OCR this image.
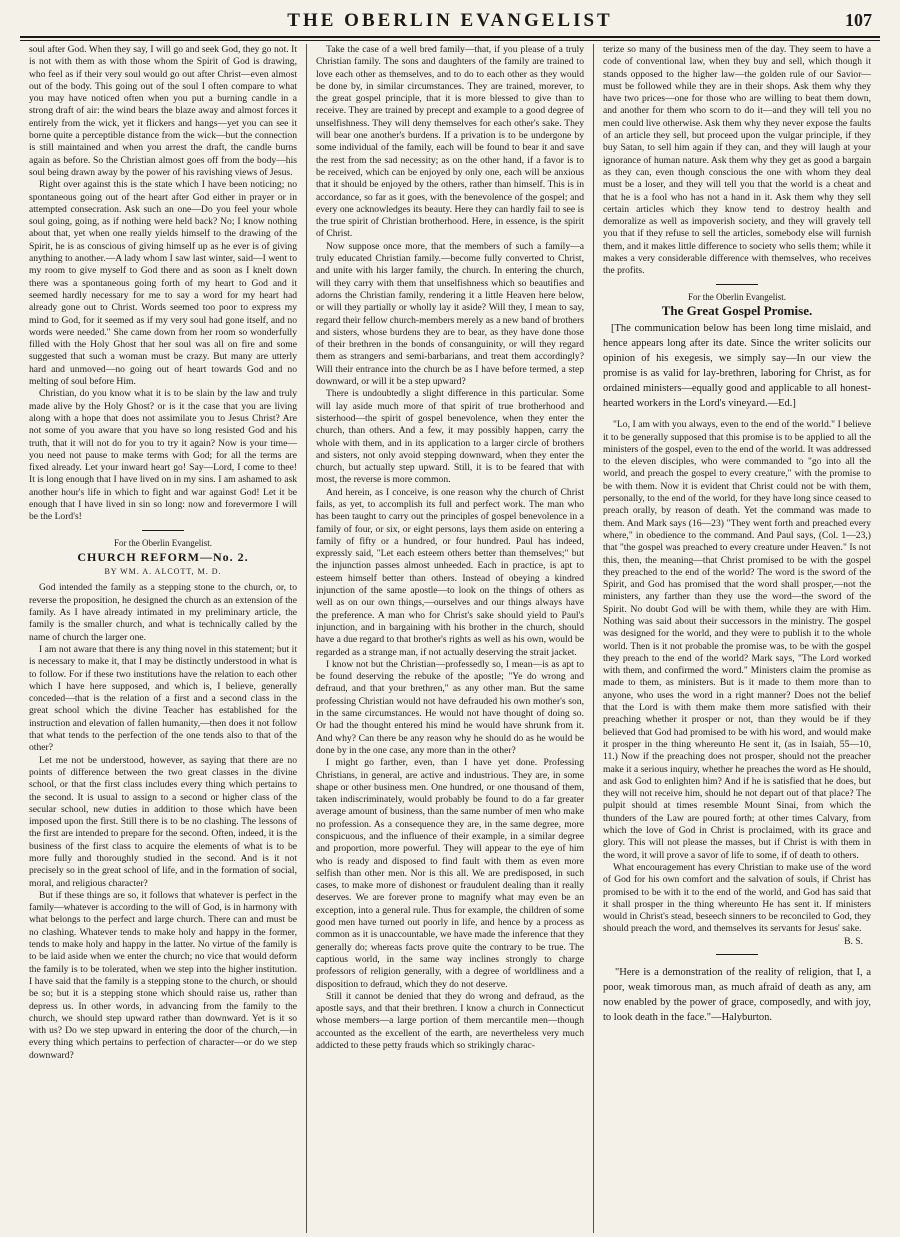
THE OBERLIN EVANGELIST	107

soul after God. When they say, I will go and seek God, they go not. It is not with them as with those whom the Spirit of God is drawing, who feel as if their very soul would go out after Christ—even almost out of the body. This going out of the soul I often compare to what you may have noticed often when you put a burning candle in a strong draft of air: the wind bears the blaze away and almost forces it entirely from the wick, yet it flickers and hangs—yet you can see it borne quite a perceptible distance from the wick—but the connection is still maintained and when you arrest the draft, the candle burns again as before. So the Christian almost goes off from the body—his soul being drawn away by the power of his ravishing views of Jesus.

Right over against this is the state which I have been noticing; no spontaneous going out of the heart after God either in prayer or in attempted consecration. Ask such an one—Do you feel your whole soul going, going, as if nothing were held back? No; I know nothing about that, yet when one really yields himself to the drawing of the Spirit, he is as conscious of giving himself up as he ever is of giving anything to another.—A lady whom I saw last winter, said—I went to my room to give myself to God there and as soon as I knelt down there was a spontaneous going forth of my heart to God and it seemed hardly necessary for me to say a word for my heart had already gone out to Christ. Words seemed too poor to express my mind to God, for it seemed as if my very soul had gone itself, and no words were needed." She came down from her room so wonderfully filled with the Holy Ghost that her soul was all on fire and some suggested that such a woman must be crazy. But many are utterly hard and unmoved—no going out of heart towards God and no melting of soul before Him.

Christian, do you know what it is to be slain by the law and truly made alive by the Holy Ghost? or is it the case that you are living along with a hope that does not assimilate you to Jesus Christ? Are not some of you aware that you have so long resisted God and his truth, that it will not do for you to try it again? Now is your time—you need not pause to make terms with God; for all the terms are fixed already. Let your inward heart go! Say—Lord, I come to thee! It is long enough that I have lived on in my sins. I am ashamed to ask another hour's life in which to fight and war against God! Let it be enough that I have lived in sin so long: now and forevermore I will be the Lord's!

For the Oberlin Evangelist.
CHURCH REFORM—No. 2.
BY WM. A. ALCOTT, M. D.

God intended the family as a stepping stone to the church, or, to reverse the proposition, he designed the church as an extension of the family. As I have already intimated in my preliminary article, the family is the smaller church, and what is technically called by the name of church the larger one.

I am not aware that there is any thing novel in this statement; but it is necessary to make it, that I may be distinctly understood in what is to follow. For if these two institutions have the relation to each other which I have here supposed, and which is, I believe, generally conceded—that is the relation of a first and a second class in the great school which the divine Teacher has established for the instruction and elevation of fallen humanity,—then does it not follow that what tends to the perfection of the one tends also to that of the other?

Let me not be understood, however, as saying that there are no points of difference between the two great classes in the divine school, or that the first class includes every thing which pertains to the second. It is usual to assign to a second or higher class of the secular school, new duties in addition to those which have been imposed upon the first. Still there is to be no clashing. The lessons of the first are intended to prepare for the second. Often, indeed, it is the business of the first class to acquire the elements of what is to be more fully and thoroughly studied in the second. And is it not precisely so in the great school of life, and in the formation of social, moral, and religious character?

But if these things are so, it follows that whatever is perfect in the family—whatever is according to the will of God, is in harmony with what belongs to the perfect and large church. There can and must be no clashing. Whatever tends to make holy and happy in the former, tends to make holy and happy in the latter. No virtue of the family is to be laid aside when we enter the church; no vice that would deform the family is to be tolerated, when we step into the higher institution. I have said that the family is a stepping stone to the church, or should be so; but it is a stepping stone which should raise us, rather than depress us. In other words, in advancing from the family to the church, we should step upward rather than downward. Yet is it so with us? Do we step upward in entering the door of the church,—in every thing which pertains to perfection of character—or do we step downward?

Take the case of a well bred family—that, if you please of a truly Christian family. The sons and daughters of the family are trained to love each other as themselves, and to do to each other as they would be done by, in similar circumstances. They are trained, morever, to the great gospel principle, that it is more blessed to give than to receive. They are trained by precept and example to a good degree of unselfishness. They will deny themselves for each other's sake. They will bear one another's burdens. If a privation is to be undergone by some individual of the family, each will be found to bear it and save the rest from the sad necessity; as on the other hand, if a favor is to be received, which can be enjoyed by only one, each will be anxious that it should be enjoyed by the others, rather than himself. This is in accordance, so far as it goes, with the benevolence of the gospel; and every one acknowledges its beauty. Here they can hardly fail to see is the true spirit of Christian brotherhood. Here, in essence, is the spirit of Christ.

Now suppose once more, that the members of such a family—a truly educated Christian family.—become fully converted to Christ, and unite with his larger family, the church. In entering the church, will they carry with them that unselfishness which so beautifies and adorns the Christian family, rendering it a little Heaven here below, or will they partially or wholly lay it aside? Will they, I mean to say, regard their fellow church-members merely as a new band of brothers and sisters, whose burdens they are to bear, as they have done those of their brethren in the bonds of consanguinity, or will they regard them as strangers and semi-barbarians, and treat them accordingly? Will their entrance into the church be as I have before termed, a step downward, or will it be a step upward?

There is undoubtedly a slight difference in this particular. Some will lay aside much more of that spirit of true brotherhood and sisterhood—the spirit of gospel benevolence, when they enter the church, than others. And a few, it may possibly happen, carry the whole with them, and in its application to a larger circle of brothers and sisters, not only avoid stepping downward, when they enter the church, but actually step upward. Still, it is to be feared that with most, the reverse is more common.

And herein, as I conceive, is one reason why the church of Christ fails, as yet, to accomplish its full and perfect work. The man who has been taught to carry out the principles of gospel benevolence in a family of four, or six, or eight persons, lays them aside on entering a family of fifty or a hundred, or four hundred. Paul has indeed, expressly said, "Let each esteem others better than themselves;" but the injunction passes almost unheeded. Each in practice, is apt to esteem himself better than others. Instead of obeying a kindred injunction of the same apostle—to look on the things of others as well as on our own things,—ourselves and our things always have the preference. A man who for Christ's sake should yield to Paul's injunction, and in bargaining with his brother in the church, should have a due regard to that brother's rights as well as his own, would be regarded as a strange man, if not actually deserving the strait jacket.

I know not but the Christian—professedly so, I mean—is as apt to be found deserving the rebuke of the apostle; "Ye do wrong and defraud, and that your brethren," as any other man. But the same professing Christian would not have defrauded his own mother's son, in the same circumstances. He would not have thought of doing so. Or had the thought entered his mind he would have shrunk from it. And why? Can there be any reason why he should do as he would be done by in the one case, any more than in the other?

I might go farther, even, than I have yet done. Professing Christians, in general, are active and industrious. They are, in some shape or other business men. One hundred, or one thousand of them, taken indiscriminately, would probably be found to do a far greater average amount of business, than the same number of men who make no profession. As a consequence they are, in the same degree, more conspicuous, and the influence of their example, in a similar degree and proportion, more powerful. They will appear to the eye of him who is ready and disposed to find fault with them as even more selfish than other men. Nor is this all. We are predisposed, in such cases, to make more of dishonest or fraudulent dealing than it really deserves. We are forever prone to magnify what may even be an exception, into a general rule. Thus for example, the children of some good men have turned out poorly in life, and hence by a process as common as it is unaccountable, we have made the inference that they generally do; whereas facts prove quite the contrary to be true. The captious world, in the same way inclines strongly to charge professors of religion generally, with a degree of worldliness and a disposition to defraud, which they do not deserve.

Still it cannot be denied that they do wrong and defraud, as the apostle says, and that their brethren. I know a church in Connecticut whose members—a large portion of them mercantile men—though accounted as the excellent of the earth, are nevertheless very much addicted to these petty frauds which so strikingly charac-

terize so many of the business men of the day. They seem to have a code of conventional law, when they buy and sell, which though it stands opposed to the higher law—the golden rule of our Savior—must be followed while they are in their shops. Ask them why they have two prices—one for those who are willing to beat them down, and another for them who scorn to do it—and they will tell you no men could live otherwise. Ask them why they never expose the faults of an article they sell, but proceed upon the vulgar principle, if they buy Satan, to sell him again if they can, and they will laugh at your ignorance of human nature. Ask them why they get as good a bargain as they can, even though conscious the one with whom they deal must be a loser, and they will tell you that the world is a cheat and that he is a fool who has not a hand in it. Ask them why they sell certain articles which they know tend to destroy health and demoralize as well as impoverish society, and they will gravely tell you that if they refuse to sell the articles, somebody else will furnish them, and it makes little difference to society who sells them; while it makes a very considerable difference with themselves, who receives the profits.

For the Oberlin Evangelist.
The Great Gospel Promise.

[The communication below has been long time mislaid, and hence appears long after its date. Since the writer solicits our opinion of his exegesis, we simply say—In our view the promise is as valid for lay-brethren, laboring for Christ, as for ordained ministers—equally good and applicable to all honest-hearted workers in the Lord's vineyard.—Ed.]

"Lo, I am with you always, even to the end of the world." I believe it to be generally supposed that this promise is to be applied to all the ministers of the gospel, even to the end of the world. It was addressed to the eleven disciples, who were commanded to "go into all the world, and preach the gospel to every creature," with the promise to be with them. Now it is evident that Christ could not be with them, personally, to the end of the world, for they have long since ceased to preach orally, by reason of death. Yet the command was made to them. And Mark says (16—23) "They went forth and preached every where," in obedience to the command. And Paul says, (Col. 1—23,) that "the gospel was preached to every creature under Heaven." Is not this, then, the meaning—that Christ promised to be with the gospel they preached to the end of the world? The word is the sword of the Spirit, and God has promised that the word shall prosper,—not the ministers, any farther than they use the word—the sword of the Spirit. No doubt God will be with them, while they are with Him. Nothing was said about their successors in the ministry. The gospel was designed for the world, and they were to publish it to the whole world. Then is it not probable the promise was, to be with the gospel they preach to the end of the world? Mark says, "The Lord worked with them, and confirmed the word." Ministers claim the promise as made to them, as ministers. But is it made to them more than to anyone, who uses the word in a right manner? Does not the belief that the Lord is with them make them more satisfied with their preaching whether it prosper or not, than they would be if they believed that God had promised to be with his word, and would make it prosper in the thing whereunto He sent it, (as in Isaiah, 55—10, 11.) Now if the preaching does not prosper, should not the preacher make it a serious inquiry, whether he preaches the word as He should, and ask God to enlighten him? And if he is satisfied that he does, but they will not receive him, should he not depart out of that place? The pulpit should at times resemble Mount Sinai, from which the thunders of the Law are poured forth; at other times Calvary, from which the love of God in Christ is proclaimed, with its grace and glory. This will not please the masses, but if Christ is with them in the word, it will prove a savor of life to some, if of death to others.

What encouragement has every Christian to make use of the word of God for his own comfort and the salvation of souls, if Christ has promised to be with it to the end of the world, and God has said that it shall prosper in the thing whereunto He has sent it. If ministers would in Christ's stead, beseech sinners to be reconciled to God, they should preach the word, and themselves its servants for Jesus' sake.

B. S.

"Here is a demonstration of the reality of religion, that I, a poor, weak timorous man, as much afraid of death as any, am now enabled by the power of grace, composedly, and with joy, to look death in the face."—Halyburton.
